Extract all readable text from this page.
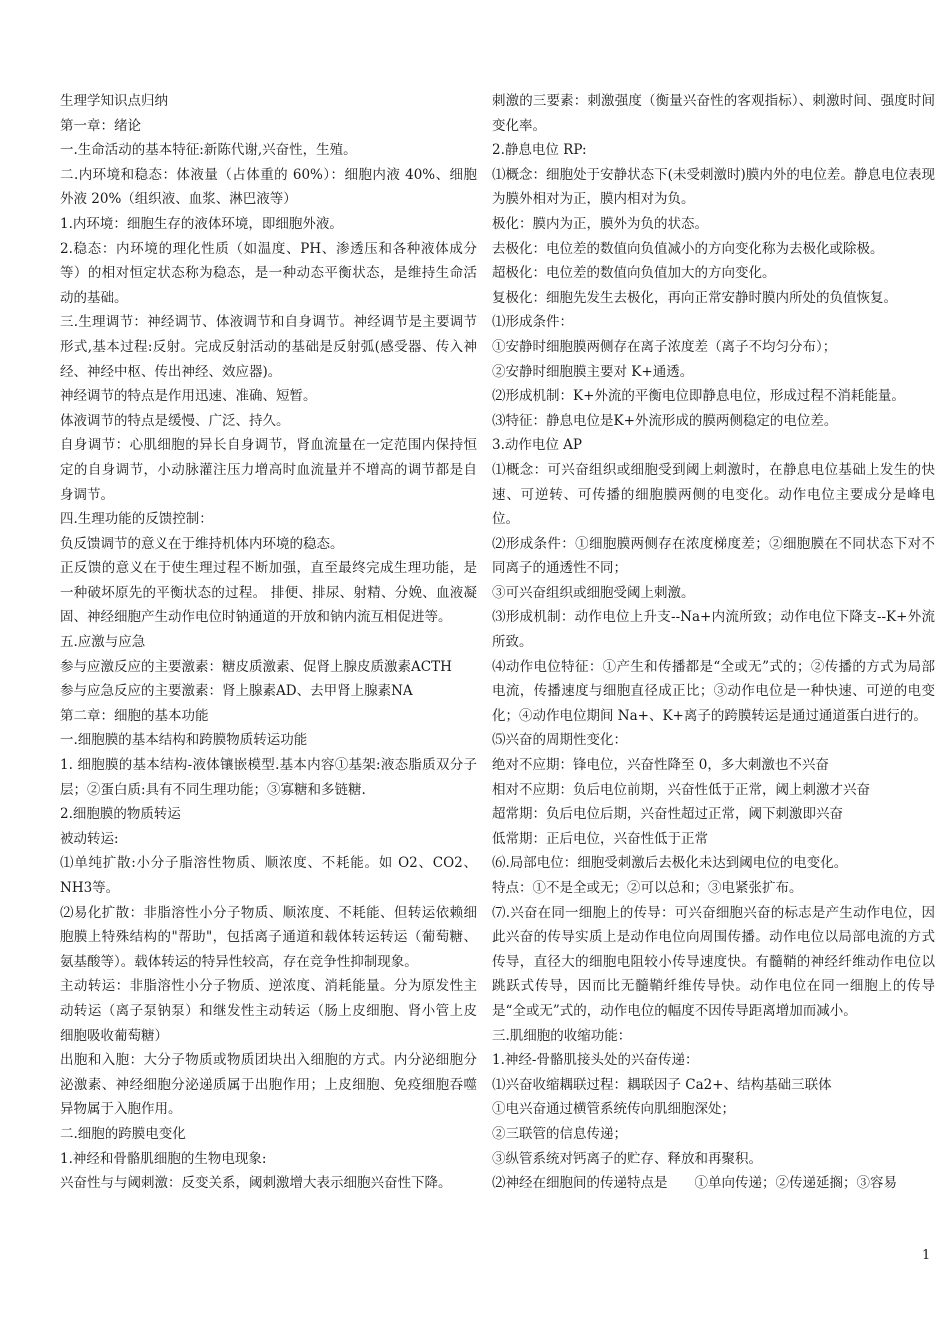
生理学知识点归纳

第一章：绪论

一.生命活动的基本特征:新陈代谢,兴奋性，生殖。

二.内环境和稳态：体液量（占体重的 60%）：细胞内液 40%、细胞外液 20%（组织液、血浆、淋巴液等）

1.内环境：细胞生存的液体环境，即细胞外液。

2.稳态：内环境的理化性质（如温度、PH、渗透压和各种液体成分等）的相对恒定状态称为稳态，是一种动态平衡状态，是维持生命活动的基础。

三.生理调节：神经调节、体液调节和自身调节。神经调节是主要调节形式,基本过程:反射。完成反射活动的基础是反射弧(感受器、传入神经、神经中枢、传出神经、效应器)。

神经调节的特点是作用迅速、准确、短暂。

体液调节的特点是缓慢、广泛、持久。

自身调节：心肌细胞的异长自身调节，肾血流量在一定范围内保持恒定的自身调节，小动脉灌注压力增高时血流量并不增高的调节都是自身调节。

四.生理功能的反馈控制：

负反馈调节的意义在于维持机体内环境的稳态。

正反馈的意义在于使生理过程不断加强，直至最终完成生理功能，是一种破坏原先的平衡状态的过程。 排便、排尿、射精、分娩、血液凝固、神经细胞产生动作电位时钠通道的开放和钠内流互相促进等。

五.应激与应急

参与应激反应的主要激素：糖皮质激素、促肾上腺皮质激素ACTH

参与应急反应的主要激素：肾上腺素AD、去甲肾上腺素NA

第二章：细胞的基本功能

一.细胞膜的基本结构和跨膜物质转运功能

1. 细胞膜的基本结构-液体镶嵌模型.基本内容①基架:液态脂质双分子层；②蛋白质:具有不同生理功能；③寡糖和多链糖.

2.细胞膜的物质转运

被动转运:

⑴单纯扩散:小分子脂溶性物质、顺浓度、不耗能。如 O2、CO2、NH3等。

⑵易化扩散：非脂溶性小分子物质、顺浓度、不耗能、但转运依赖细胞膜上特殊结构的"帮助"，包括离子通道和载体转运转运（葡萄糖、氨基酸等）。载体转运的特异性较高，存在竞争性抑制现象。

主动转运：非脂溶性小分子物质、逆浓度、消耗能量。分为原发性主动转运（离子泵钠泵）和继发性主动转运（肠上皮细胞、肾小管上皮细胞吸收葡萄糖）

出胞和入胞：大分子物质或物质团块出入细胞的方式。内分泌细胞分泌激素、神经细胞分泌递质属于出胞作用；上皮细胞、免疫细胞吞噬异物属于入胞作用。

二.细胞的跨膜电变化

1.神经和骨骼肌细胞的生物电现象:

兴奋性与与阈刺激：反变关系，阈刺激增大表示细胞兴奋性下降。

刺激的三要素：刺激强度（衡量兴奋性的客观指标）、刺激时间、强度时间变化率。

2.静息电位 RP:

⑴概念：细胞处于安静状态下(未受刺激时)膜内外的电位差。静息电位表现为膜外相对为正，膜内相对为负。

极化：膜内为正，膜外为负的状态。

去极化：电位差的数值向负值减小的方向变化称为去极化或除极。

超极化：电位差的数值向负值加大的方向变化。

复极化：细胞先发生去极化，再向正常安静时膜内所处的负值恢复。

⑴形成条件：

①安静时细胞膜两侧存在离子浓度差（离子不均匀分布）；

②安静时细胞膜主要对 K+通透。

⑵形成机制：K+外流的平衡电位即静息电位，形成过程不消耗能量。

⑶特征：静息电位是K+外流形成的膜两侧稳定的电位差。

3.动作电位 AP

⑴概念：可兴奋组织或细胞受到阈上刺激时，在静息电位基础上发生的快速、可逆转、可传播的细胞膜两侧的电变化。动作电位主要成分是峰电位。

⑵形成条件：①细胞膜两侧存在浓度梯度差；②细胞膜在不同状态下对不同离子的通透性不同；

③可兴奋组织或细胞受阈上刺激。

⑶形成机制：动作电位上升支--Na+内流所致；动作电位下降支--K+外流所致。

⑷动作电位特征：①产生和传播都是“全或无”式的；②传播的方式为局部电流，传播速度与细胞直径成正比；③动作电位是一种快速、可逆的电变化；④动作电位期间 Na+、K+离子的跨膜转运是通过通道蛋白进行的。

⑸兴奋的周期性变化：

绝对不应期：锋电位，兴奋性降至 0，多大刺激也不兴奋

相对不应期：负后电位前期，兴奋性低于正常，阈上刺激才兴奋

超常期：负后电位后期，兴奋性超过正常，阈下刺激即兴奋

低常期：正后电位，兴奋性低于正常

⑹.局部电位：细胞受刺激后去极化未达到阈电位的电变化。

特点：①不是全或无；②可以总和；③电紧张扩布。

⑺.兴奋在同一细胞上的传导：可兴奋细胞兴奋的标志是产生动作电位，因此兴奋的传导实质上是动作电位向周围传播。动作电位以局部电流的方式传导，直径大的细胞电阻较小传导速度快。有髓鞘的神经纤维动作电位以跳跃式传导，因而比无髓鞘纤维传导快。动作电位在同一细胞上的传导是“全或无”式的，动作电位的幅度不因传导距离增加而减小。

三.肌细胞的收缩功能：

1.神经-骨骼肌接头处的兴奋传递：

⑴兴奋收缩耦联过程：耦联因子 Ca2+、结构基础三联体

①电兴奋通过横管系统传向肌细胞深处；

②三联管的信息传递；

③纵管系统对钙离子的贮存、释放和再聚积。

⑵神经在细胞间的传递特点是　　①单向传递；②传递延搁；③容易

1
